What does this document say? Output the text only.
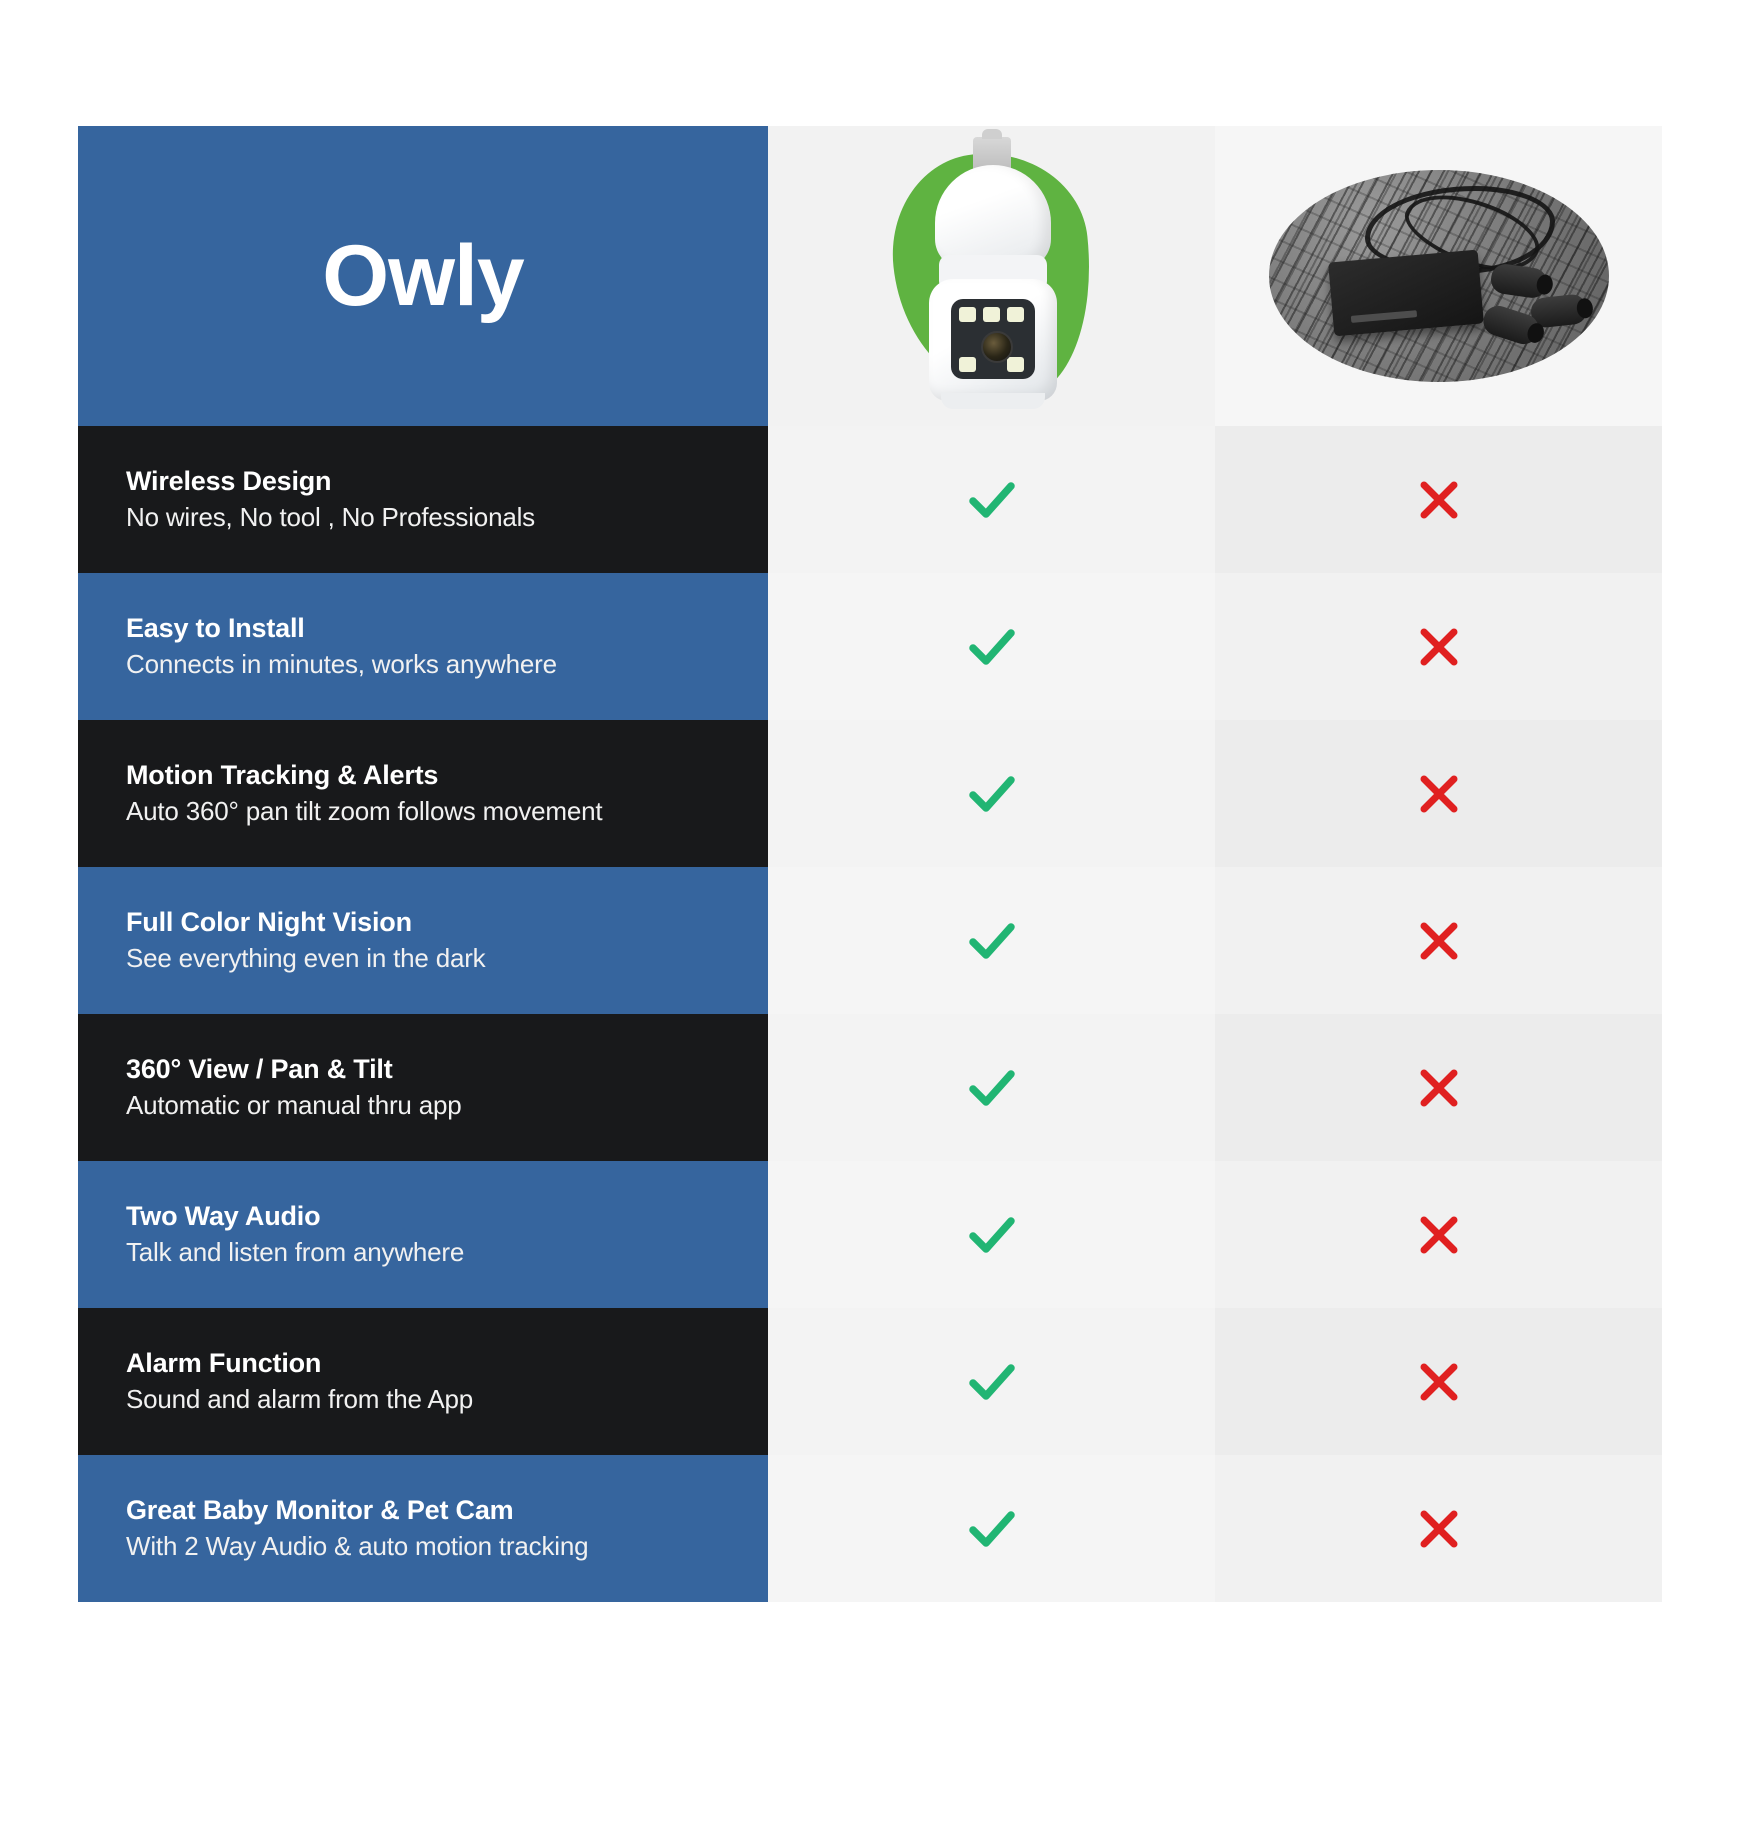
Owly
Wireless Design
No wires, No tool , No Professionals
Easy to Install
Connects in minutes, works anywhere
Motion Tracking & Alerts
Auto 360° pan tilt zoom follows movement
Full Color Night Vision
See everything even in the dark
360° View / Pan & Tilt
Automatic or manual thru app
Two Way Audio
Talk and listen from anywhere
Alarm Function
Sound and alarm from the App
Great Baby Monitor & Pet Cam
With 2 Way Audio & auto motion tracking
